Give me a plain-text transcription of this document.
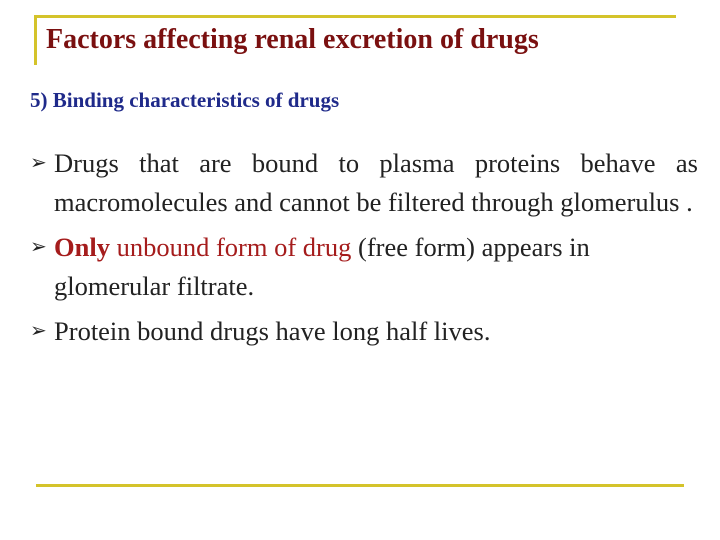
Factors affecting renal excretion of drugs
5) Binding characteristics of drugs
➢ Drugs that are bound to plasma proteins behave as macromolecules and cannot be filtered through glomerulus .
➢ Only unbound form of drug (free form) appears in glomerular filtrate.
➢ Protein bound drugs have long half lives.
